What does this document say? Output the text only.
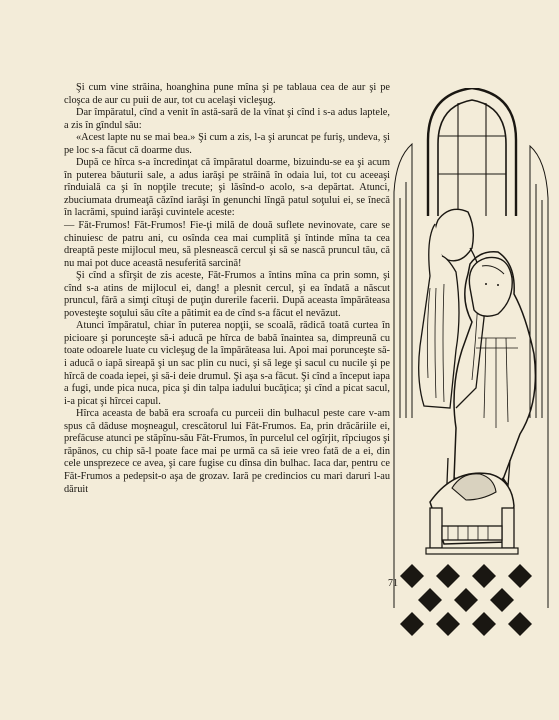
Şi cum vine străina, hoanghina pune mîna şi pe tablaua cea de aur şi pe cloşca de aur cu puii de aur, tot cu acelaşi vicleşug.

Dar împăratul, cînd a venit în astă-sară de la vînat şi cînd i s-a adus laptele, a zis în gîndul său:

«Acest lapte nu se mai bea.» Şi cum a zis, l-a şi aruncat pe furiş, undeva, şi pe loc s-a făcut că doarme dus.

După ce hîrca s-a încredinţat că împăratul doarme, bizuindu-se ea şi acum în puterea băuturii sale, a adus iarăşi pe străină în odaia lui, tot cu aceeaşi rînduială ca şi în nopţile trecute; şi lăsînd-o acolo, s-a depărtat. Atunci, zbuciumata drumeaţă căzînd iarăşi în genunchi lîngă patul soţului ei, se înecă în lacrămi, spuind iarăşi cuvintele aceste:

— Făt-Frumos! Făt-Frumos! Fie-ţi milă de două suflete nevinovate, care se chinuiesc de patru ani, cu osînda cea mai cumplită şi întinde mîna ta cea dreaptă peste mijlocul meu, să plesnească cercul şi să se nască pruncul tău, că nu mai pot duce această nesuferită sarcină!

Şi cînd a sfîrşit de zis aceste, Făt-Frumos a întins mîna ca prin somn, şi cînd s-a atins de mijlocul ei, dang! a plesnit cercul, şi ea îndată a născut pruncul, fără a simţi cîtuşi de puţin durerile facerii. După aceasta împărăteasa povesteşte soţului său cîte a pătimit ea de cînd s-a făcut el nevăzut.

Atunci împăratul, chiar în puterea nopţii, se scoală, rădică toată curtea în picioare şi porunceşte să-i aducă pe hîrca de babă înaintea sa, dimpreună cu toate odoarele luate cu vicleşug de la împărăteasa lui. Apoi mai porunceşte să-i aducă o iapă sireapă şi un sac plin cu nuci, şi să lege şi sacul cu nucile şi pe hîrcă de coada iepei, şi să-i deie drumul. Şi aşa s-a făcut. Şi cînd a început iapa a fugi, unde pica nuca, pica şi din talpa iadului bucăţica; şi cînd a picat sacul, i-a picat şi hîrcei capul.

Hîrca aceasta de babă era scroafa cu purceii din bulhacul peste care v-am spus că dăduse moşneagul, crescătorul lui Făt-Frumos. Ea, prin drăcăriile ei, prefăcuse atunci pe stăpînu-său Făt-Frumos, în purcelul cel ogîrjit, rîpciugos şi răpănos, cu chip să-l poate face mai pe urmă ca să ieie vreo fată de a ei, din cele unsprezece ce avea, şi care fugise cu dînsa din bulhac. Iaca dar, pentru ce Făt-Frumos a pedepsit-o aşa de grozav. Iară pe credincios cu mari daruri l-au dăruit

71
